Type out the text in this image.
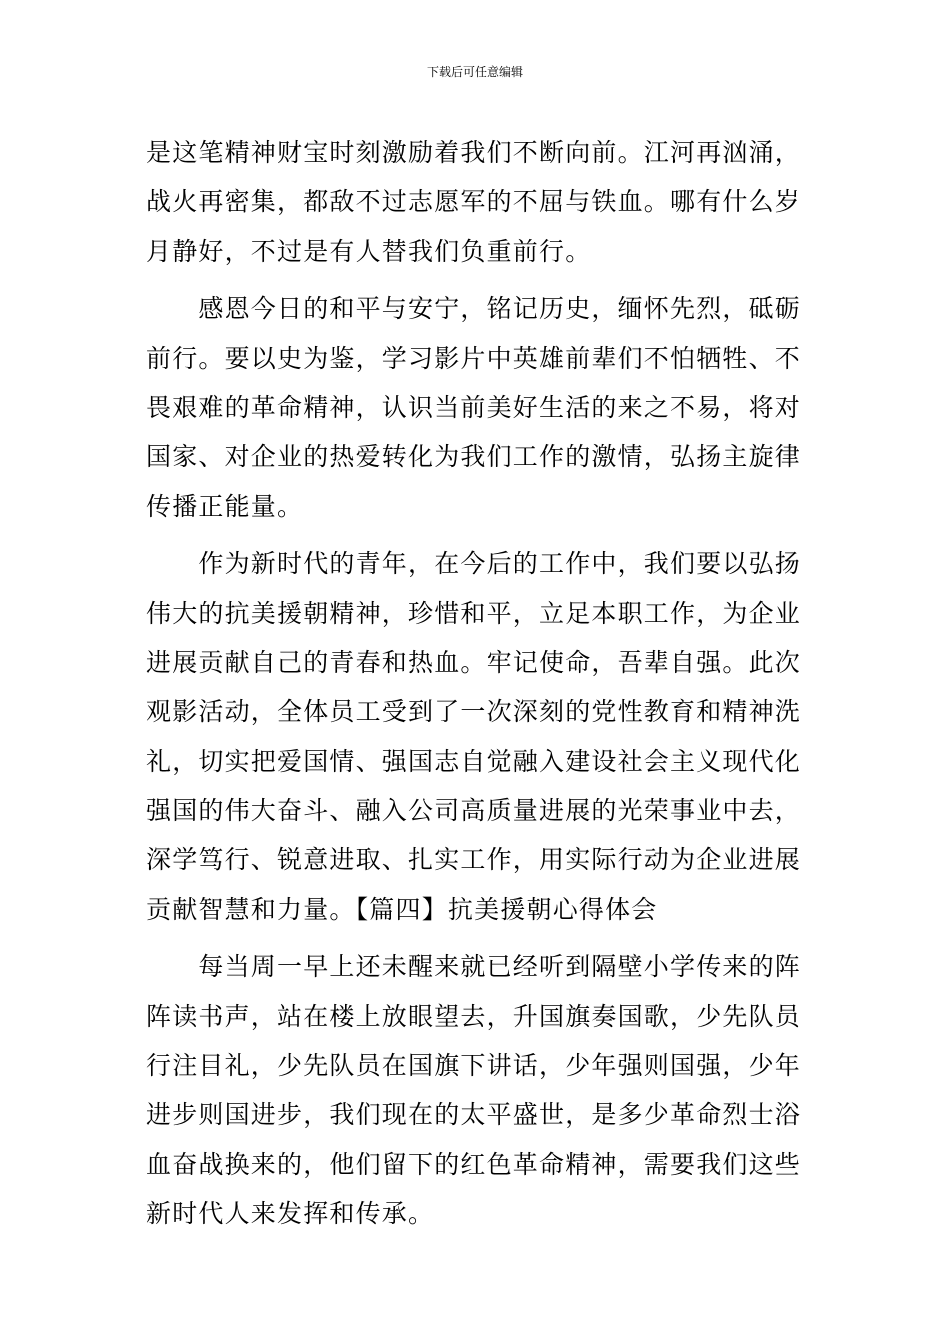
下载后可任意编辑
是这笔精神财宝时刻激励着我们不断向前。江河再汹涌，
战火再密集，都敌不过志愿军的不屈与铁血。哪有什么岁
月静好，不过是有人替我们负重前行。
　　感恩今日的和平与安宁，铭记历史，缅怀先烈，砥砺
前行。要以史为鉴，学习影片中英雄前辈们不怕牺牲、不
畏艰难的革命精神，认识当前美好生活的来之不易，将对
国家、对企业的热爱转化为我们工作的激情，弘扬主旋律
传播正能量。
　　作为新时代的青年，在今后的工作中，我们要以弘扬
伟大的抗美援朝精神，珍惜和平，立足本职工作，为企业
进展贡献自己的青春和热血。牢记使命，吾辈自强。此次
观影活动，全体员工受到了一次深刻的党性教育和精神洗
礼，切实把爱国情、强国志自觉融入建设社会主义现代化
强国的伟大奋斗、融入公司高质量进展的光荣事业中去，
深学笃行、锐意进取、扎实工作，用实际行动为企业进展
贡献智慧和力量。【篇四】抗美援朝心得体会
　　每当周一早上还未醒来就已经听到隔壁小学传来的阵
阵读书声，站在楼上放眼望去，升国旗奏国歌，少先队员
行注目礼，少先队员在国旗下讲话，少年强则国强，少年
进步则国进步，我们现在的太平盛世，是多少革命烈士浴
血奋战换来的，他们留下的红色革命精神，需要我们这些
新时代人来发挥和传承。
